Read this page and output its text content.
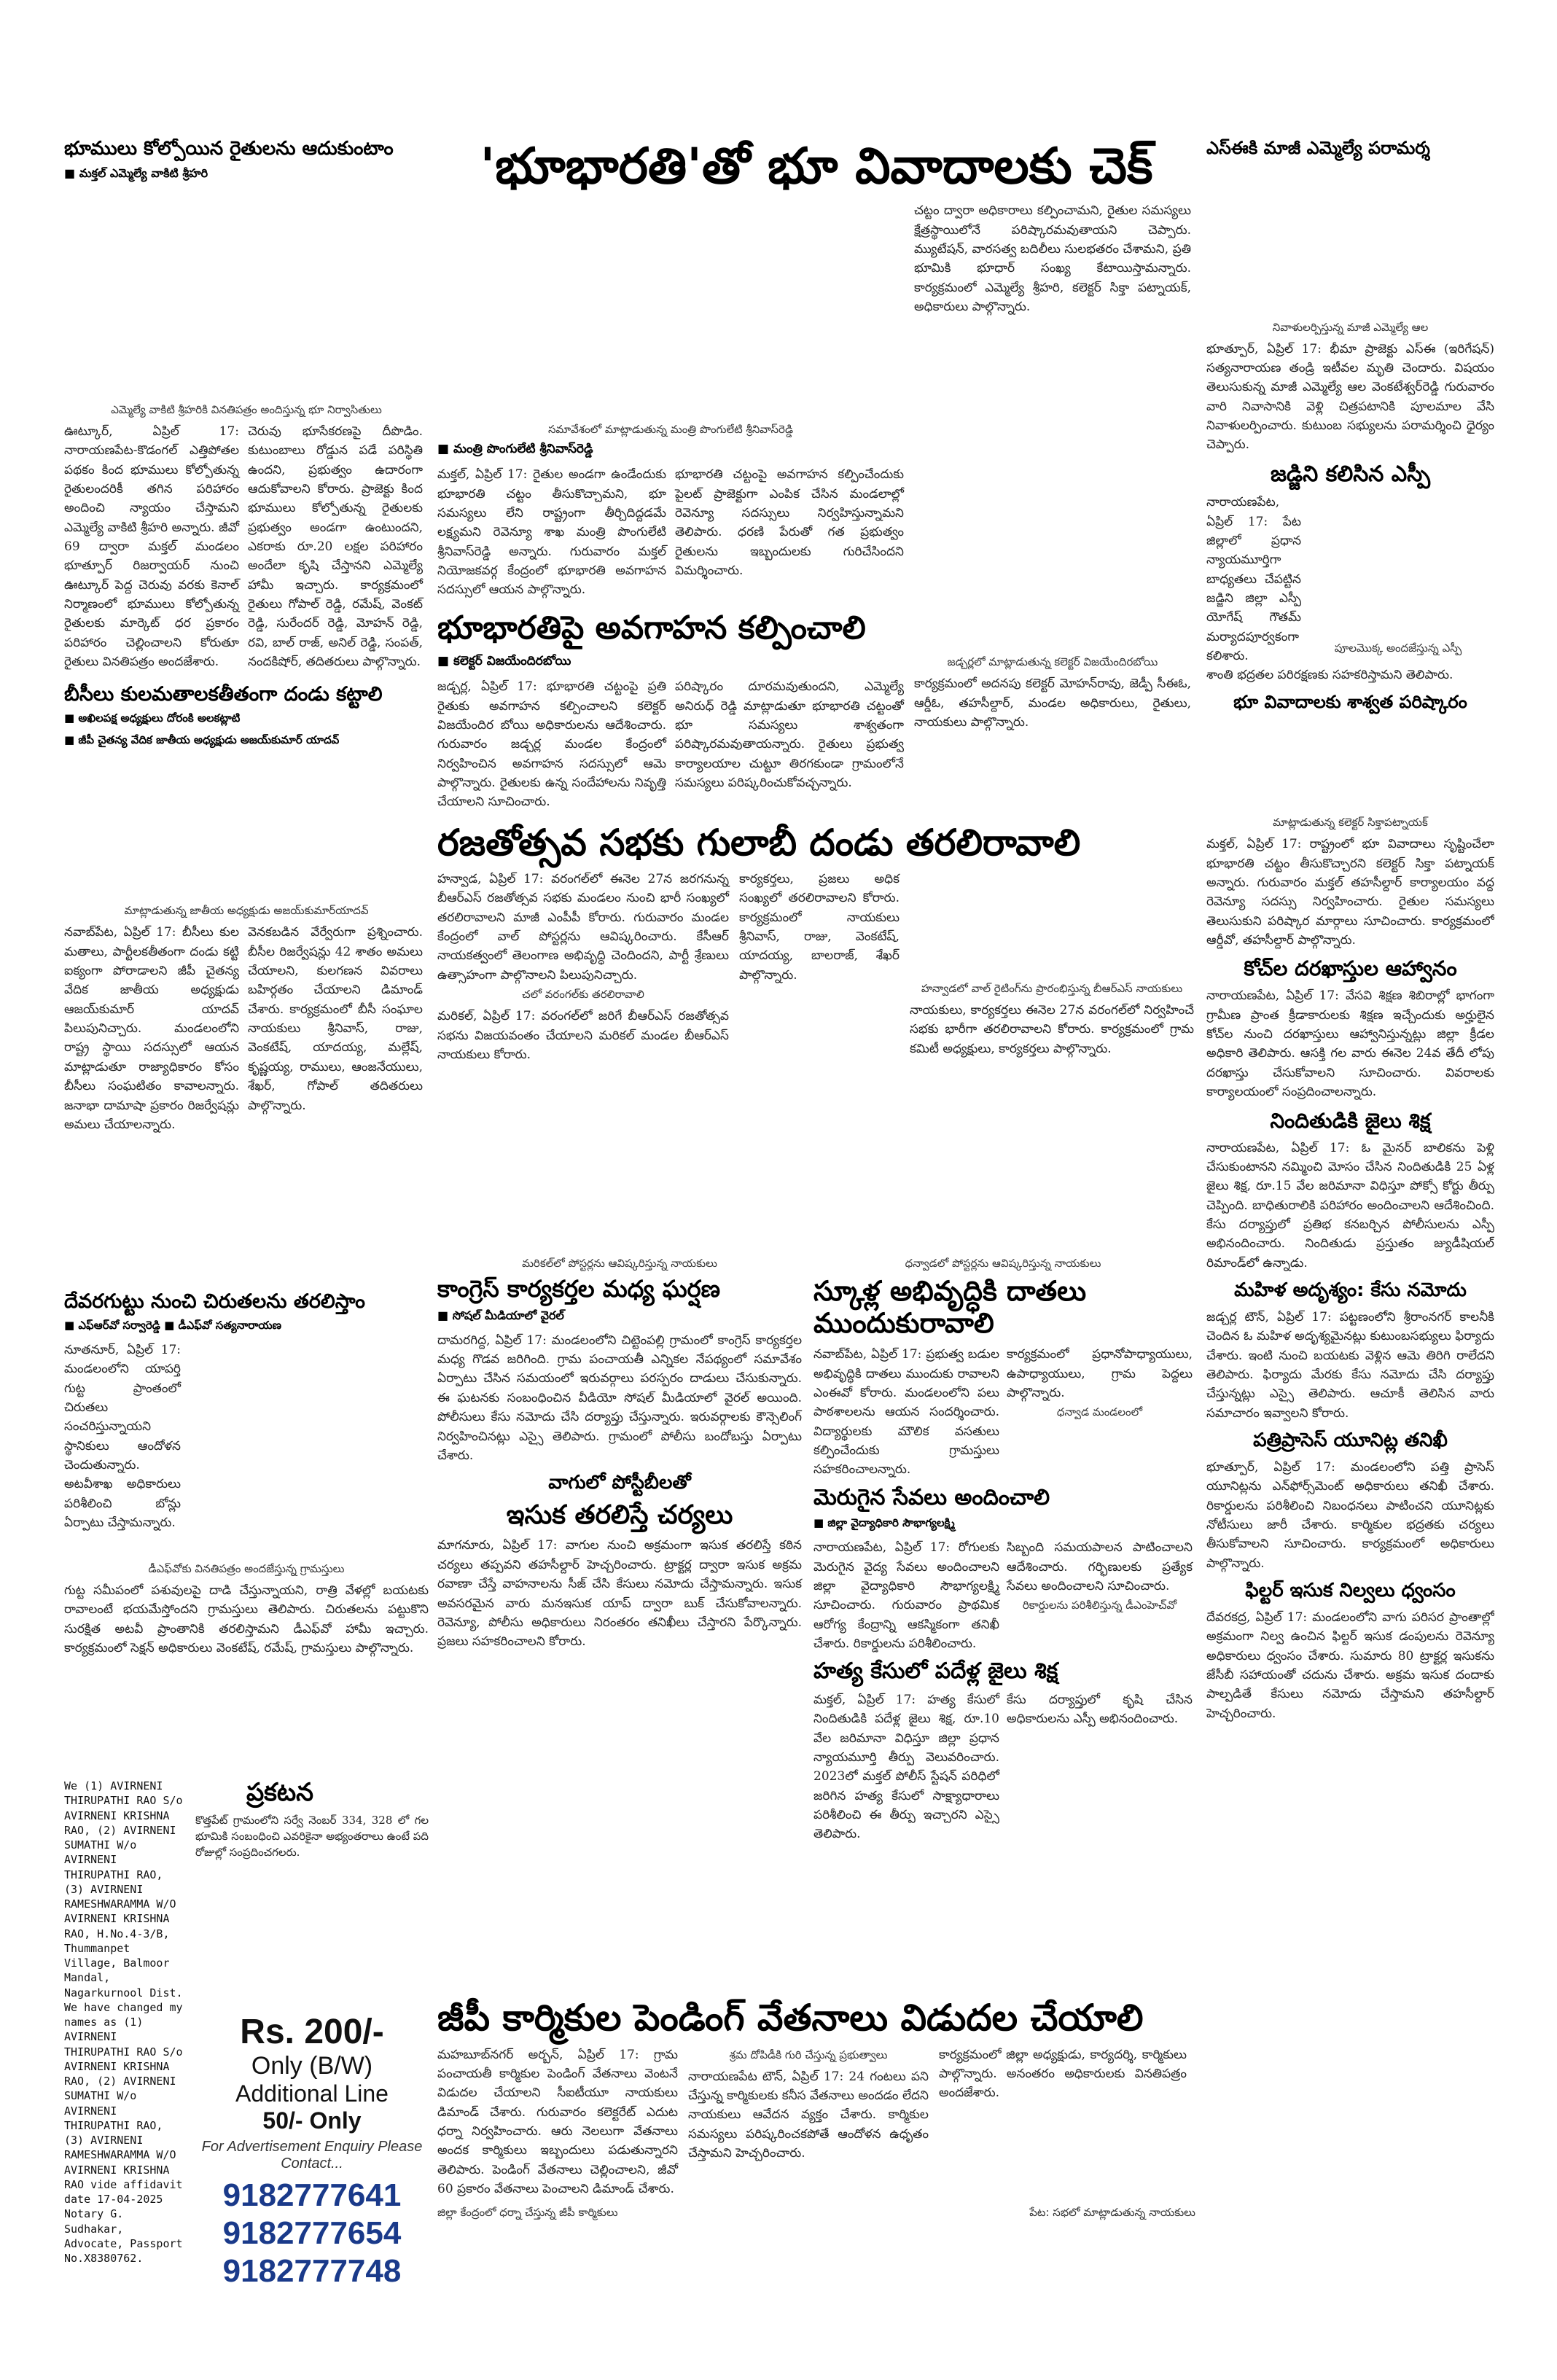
భూములు కోల్పోయిన రైతులను ఆదుకుంటాం
■ మక్తల్ ఎమ్మెల్యే వాకిటి శ్రీహరి
ఎమ్మెల్యే వాకిటి శ్రీహరికి వినతిపత్రం అందిస్తున్న భూ నిర్వాసితులు

ఊట్కూర్, ఏప్రిల్ 17: నారాయణపేట-కొడంగల్ ఎత్తిపోతల పథకం కింద భూములు కోల్పోతున్న రైతులందరికీ తగిన పరిహారం అందించి న్యాయం చేస్తామని ఎమ్మెల్యే వాకిటి శ్రీహరి అన్నారు. జీవో 69 ద్వారా మక్తల్ మండలం భూత్పూర్ రిజర్వాయర్ నుంచి ఊట్కూర్ పెద్ద చెరువు వరకు కెనాల్ నిర్మాణంలో భూములు కోల్పోతున్న రైతులకు మార్కెట్ ధర ప్రకారం పరిహారం చెల్లించాలని కోరుతూ రైతులు వినతిపత్రం అందజేశారు.

చెరువు భూసేకరణపై దీపొడిం. కుటుంబాలు రోడ్డున పడే పరిస్థితి ఉందని, ప్రభుత్వం ఉదారంగా ఆదుకోవాలని కోరారు. ప్రాజెక్టు కింద భూములు కోల్పోతున్న రైతులకు ప్రభుత్వం అండగా ఉంటుందని, ఎకరాకు రూ.20 లక్షల పరిహారం అందేలా కృషి చేస్తానని ఎమ్మెల్యే హామీ ఇచ్చారు. కార్యక్రమంలో రైతులు గోపాల్ రెడ్డి, రమేష్, వెంకట్ రెడ్డి, సురేందర్ రెడ్డి, మోహన్ రెడ్డి, రవి, బాల్ రాజ్, అనిల్ రెడ్డి, సంపత్, నందకిషోర్, తదితరులు పాల్గొన్నారు.

బీసీలు కులమతాలకతీతంగా దండు కట్టాలి
■ అఖిలపక్ష అధ్యక్షులు దోరంకి అలకట్లాటి
■ జీపీ చైతన్య వేదిక జాతీయ అధ్యక్షుడు అజయ్‌కుమార్ యాదవ్
మాట్లాడుతున్న జాతీయ అధ్యక్షుడు అజయ్‌కుమార్‌యాదవ్

నవాబ్‌పేట, ఏప్రిల్ 17: బీసీలు కుల మతాలు, పార్టీలకతీతంగా దండు కట్టి ఐక్యంగా పోరాడాలని జీపీ చైతన్య వేదిక జాతీయ అధ్యక్షుడు ఆజయ్‌కుమార్ యాదవ్ పిలుపునిచ్చారు. మండలంలోని రాష్ట్ర స్థాయి సదస్సులో ఆయన మాట్లాడుతూ రాజ్యాధికారం కోసం బీసీలు సంఘటితం కావాలన్నారు. జనాభా దామాషా ప్రకారం రిజర్వేషన్లు అమలు చేయాలన్నారు.

వెనకబడిన వేర్వేరుగా ప్రశ్నించారు. బీసీల రిజర్వేషన్లు 42 శాతం అమలు చేయాలని, కులగణన వివరాలు బహిర్గతం చేయాలని డిమాండ్ చేశారు. కార్యక్రమంలో బీసీ సంఘాల నాయకులు శ్రీనివాస్, రాజు, వెంకటేష్, యాదయ్య, మల్లేష్, కృష్ణయ్య, రాములు, ఆంజనేయులు, శేఖర్, గోపాల్ తదితరులు పాల్గొన్నారు.

దేవరగుట్టు నుంచి చిరుతలను తరలిస్తాం
■ ఎఫ్ఆర్‌వో సర్వారెడ్డి ■ డీఎఫ్‌వో సత్యనారాయణ

నూతనూర్, ఏప్రిల్ 17: మండలంలోని యాపర్తి గుట్ట ప్రాంతంలో చిరుతలు సంచరిస్తున్నాయని స్థానికులు ఆందోళన చెందుతున్నారు. అటవీశాఖ అధికారులు పరిశీలించి బోన్లు ఏర్పాటు చేస్తామన్నారు.

డీఎఫ్‌వోకు వినతిపత్రం అందజేస్తున్న గ్రామస్తులు

గుట్ట సమీపంలో పశువులపై దాడి చేస్తున్నాయని, రాత్రి వేళల్లో బయటకు రావాలంటే భయమేస్తోందని గ్రామస్తులు తెలిపారు. చిరుతలను పట్టుకొని సురక్షిత అటవీ ప్రాంతానికి తరలిస్తామని డీఎఫ్‌వో హామీ ఇచ్చారు. కార్యక్రమంలో సెక్షన్ అధికారులు వెంకటేష్, రమేష్, గ్రామస్తులు పాల్గొన్నారు.

We (1) AVIRNENI THIRUPATHI RAO S/o AVIRNENI KRISHNA RAO, (2) AVIRNENI SUMATHI W/o AVIRNENI THIRUPATHI RAO, (3) AVIRNENI RAMESHWARAMMA W/O AVIRNENI KRISHNA RAO, H.No.4-3/B, Thummanpet Village, Balmoor Mandal, Nagarkurnool Dist. We have changed my names as (1) AVIRNENI THIRUPATHI RAO S/o AVIRNENI KRISHNA RAO, (2) AVIRNENI SUMATHI W/o AVIRNENI THIRUPATHI RAO, (3) AVIRNENI RAMESHWARAMMA W/O AVIRNENI KRISHNA RAO vide affidavit date 17-04-2025 Notary G. Sudhakar, Advocate, Passport No.X8380762.
ప్రకటన
కొత్తపేట్ గ్రామంలోని సర్వే నెంబర్ 334, 328 లో గల భూమికి సంబంధించి ఎవరికైనా అభ్యంతరాలు ఉంటే పది రోజుల్లో సంప్రదించగలరు.
Rs. 200/-
Only (B/W)
Additional Line
50/- Only
For Advertisement Enquiry Please Contact...
9182777641
9182777654
9182777748
'భూభారతి'తో భూ వివాదాలకు చెక్
సమావేశంలో మాట్లాడుతున్న మంత్రి పొంగులేటి శ్రీనివాస్‌రెడ్డి
■ మంత్రి పొంగులేటి శ్రీనివాస్‌రెడ్డి

మక్తల్, ఏప్రిల్ 17: రైతుల అండగా ఉండేందుకు భూభారతి చట్టం తీసుకొచ్చామని, భూ సమస్యలు లేని రాష్ట్రంగా తీర్చిదిద్దడమే లక్ష్యమని రెవెన్యూ శాఖ మంత్రి పొంగులేటి శ్రీనివాస్‌రెడ్డి అన్నారు. గురువారం మక్తల్ నియోజకవర్గ కేంద్రంలో భూభారతి అవగాహన సదస్సులో ఆయన పాల్గొన్నారు.

భూభారతి చట్టంపై అవగాహన కల్పించేందుకు పైలట్ ప్రాజెక్టుగా ఎంపిక చేసిన మండలాల్లో రెవెన్యూ సదస్సులు నిర్వహిస్తున్నామని తెలిపారు. ధరణి పేరుతో గత ప్రభుత్వం రైతులను ఇబ్బందులకు గురిచేసిందని విమర్శించారు.

చట్టం ద్వారా అధికారాలు కల్పించామని, రైతుల సమస్యలు క్షేత్రస్థాయిలోనే పరిష్కారమవుతాయని చెప్పారు. మ్యుటేషన్, వారసత్వ బదిలీలు సులభతరం చేశామని, ప్రతి భూమికి భూధార్ సంఖ్య కేటాయిస్తామన్నారు. కార్యక్రమంలో ఎమ్మెల్యే శ్రీహరి, కలెక్టర్ సిక్తా పట్నాయక్, అధికారులు పాల్గొన్నారు.

భూభారతిపై అవగాహన కల్పించాలి
■ కలెక్టర్ విజయేందిరబోయి

జడ్చర్ల, ఏప్రిల్ 17: భూభారతి చట్టంపై ప్రతి రైతుకు అవగాహన కల్పించాలని కలెక్టర్ విజయేందిర బోయి అధికారులను ఆదేశించారు. గురువారం జడ్చర్ల మండల కేంద్రంలో నిర్వహించిన అవగాహన సదస్సులో ఆమె పాల్గొన్నారు. రైతులకు ఉన్న సందేహాలను నివృత్తి చేయాలని సూచించారు.

పరిష్కారం దూరమవుతుందని, ఎమ్మెల్యే అనిరుధ్ రెడ్డి మాట్లాడుతూ భూభారతి చట్టంతో భూ సమస్యలు శాశ్వతంగా పరిష్కారమవుతాయన్నారు. రైతులు ప్రభుత్వ కార్యాలయాల చుట్టూ తిరగకుండా గ్రామంలోనే సమస్యలు పరిష్కరించుకోవచ్చన్నారు.

జడ్చర్లలో మాట్లాడుతున్న కలెక్టర్ విజయేందిరబోయి

కార్యక్రమంలో అదనపు కలెక్టర్ మోహన్‌రావు, జెడ్పీ సీఈఓ, ఆర్డీఓ, తహసీల్దార్, మండల అధికారులు, రైతులు, నాయకులు పాల్గొన్నారు.

రజతోత్సవ సభకు గులాబీ దండు తరలిరావాలి

హన్వాడ, ఏప్రిల్ 17: వరంగల్‌లో ఈనెల 27న జరగనున్న బీఆర్ఎస్ రజతోత్సవ సభకు మండలం నుంచి భారీ సంఖ్యలో తరలిరావాలని మాజీ ఎంపీపీ కోరారు. గురువారం మండల కేంద్రంలో వాల్ పోస్టర్లను ఆవిష్కరించారు. కేసీఆర్ నాయకత్వంలో తెలంగాణ అభివృద్ధి చెందిందని, పార్టీ శ్రేణులు ఉత్సాహంగా పాల్గొనాలని పిలుపునిచ్చారు.

చలో వరంగల్‌కు తరలిరావాలి

మరికల్, ఏప్రిల్ 17: వరంగల్‌లో జరిగే బీఆర్ఎస్ రజతోత్సవ సభను విజయవంతం చేయాలని మరికల్ మండల బీఆర్ఎస్ నాయకులు కోరారు.

కార్యకర్తలు, ప్రజలు అధిక సంఖ్యలో తరలిరావాలని కోరారు. కార్యక్రమంలో నాయకులు శ్రీనివాస్, రాజు, వెంకటేష్, యాదయ్య, బాలరాజ్, శేఖర్ పాల్గొన్నారు.

హన్వాడలో వాల్ రైటింగ్‌ను ప్రారంభిస్తున్న బీఆర్ఎస్ నాయకులు

నాయకులు, కార్యకర్తలు ఈనెల 27న వరంగల్‌లో నిర్వహించే సభకు భారీగా తరలిరావాలని కోరారు. కార్యక్రమంలో గ్రామ కమిటీ అధ్యక్షులు, కార్యకర్తలు పాల్గొన్నారు.

మరికల్‌లో పోస్టర్లను ఆవిష్కరిస్తున్న నాయకులు
కాంగ్రెస్ కార్యకర్తల మధ్య ఘర్షణ
■ సోషల్ మీడియాలో వైరల్

దామరగిద్ద, ఏప్రిల్ 17: మండలంలోని చిట్టెంపల్లి గ్రామంలో కాంగ్రెస్ కార్యకర్తల మధ్య గొడవ జరిగింది. గ్రామ పంచాయతీ ఎన్నికల నేపథ్యంలో సమావేశం ఏర్పాటు చేసిన సమయంలో ఇరువర్గాలు పరస్పరం దాడులు చేసుకున్నారు. ఈ ఘటనకు సంబంధించిన వీడియో సోషల్ మీడియాలో వైరల్ అయింది. పోలీసులు కేసు నమోదు చేసి దర్యాప్తు చేస్తున్నారు. ఇరువర్గాలకు కౌన్సెలింగ్ నిర్వహించినట్లు ఎస్సై తెలిపారు. గ్రామంలో పోలీసు బందోబస్తు ఏర్పాటు చేశారు.

వాగులో పోస్టీబీలతో
ఇసుక తరలిస్తే చర్యలు

మాగనూరు, ఏప్రిల్ 17: వాగుల నుంచి అక్రమంగా ఇసుక తరలిస్తే కఠిన చర్యలు తప్పవని తహసీల్దార్ హెచ్చరించారు. ట్రాక్టర్ల ద్వారా ఇసుక అక్రమ రవాణా చేస్తే వాహనాలను సీజ్ చేసి కేసులు నమోదు చేస్తామన్నారు. ఇసుక అవసరమైన వారు మనఇసుక యాప్ ద్వారా బుక్ చేసుకోవాలన్నారు. రెవెన్యూ, పోలీసు అధికారులు నిరంతరం తనిఖీలు చేస్తారని పేర్కొన్నారు. ప్రజలు సహకరించాలని కోరారు.

ధన్వాడలో పోస్టర్లను ఆవిష్కరిస్తున్న నాయకులు
స్కూళ్ల అభివృద్ధికి దాతలు ముందుకురావాలి

నవాబ్‌పేట, ఏప్రిల్ 17: ప్రభుత్వ బడుల అభివృద్ధికి దాతలు ముందుకు రావాలని ఎంఈవో కోరారు. మండలంలోని పలు పాఠశాలలను ఆయన సందర్శించారు. విద్యార్థులకు మౌలిక వసతులు కల్పించేందుకు గ్రామస్తులు సహకరించాలన్నారు.

కార్యక్రమంలో ప్రధానోపాధ్యాయులు, ఉపాధ్యాయులు, గ్రామ పెద్దలు పాల్గొన్నారు.

ధన్వాడ మండలంలో
మెరుగైన సేవలు అందించాలి
■ జిల్లా వైద్యాధికారి సౌభాగ్యలక్ష్మి

నారాయణపేట, ఏప్రిల్ 17: రోగులకు మెరుగైన వైద్య సేవలు అందించాలని జిల్లా వైద్యాధికారి సౌభాగ్యలక్ష్మి సూచించారు. గురువారం ప్రాథమిక ఆరోగ్య కేంద్రాన్ని ఆకస్మికంగా తనిఖీ చేశారు. రికార్డులను పరిశీలించారు.

సిబ్బంది సమయపాలన పాటించాలని ఆదేశించారు. గర్భిణులకు ప్రత్యేక సేవలు అందించాలని సూచించారు.

రికార్డులను పరిశీలిస్తున్న డీఎంహెచ్‌వో
హత్య కేసులో పదేళ్ల జైలు శిక్ష

మక్తల్, ఏప్రిల్ 17: హత్య కేసులో నిందితుడికి పదేళ్ల జైలు శిక్ష, రూ.10 వేల జరిమానా విధిస్తూ జిల్లా ప్రధాన న్యాయమూర్తి తీర్పు వెలువరించారు. 2023లో మక్తల్ పోలీస్ స్టేషన్ పరిధిలో జరిగిన హత్య కేసులో సాక్ష్యాధారాలు పరిశీలించి ఈ తీర్పు ఇచ్చారని ఎస్సై తెలిపారు.

కేసు దర్యాప్తులో కృషి చేసిన అధికారులను ఎస్పీ అభినందించారు.

జీపీ కార్మికుల పెండింగ్ వేతనాలు విడుదల చేయాలి

మహబూబ్‌నగర్ అర్బన్, ఏప్రిల్ 17: గ్రామ పంచాయతీ కార్మికుల పెండింగ్ వేతనాలు వెంటనే విడుదల చేయాలని సీఐటీయూ నాయకులు డిమాండ్ చేశారు. గురువారం కలెక్టరేట్ ఎదుట ధర్నా నిర్వహించారు. ఆరు నెలలుగా వేతనాలు అందక కార్మికులు ఇబ్బందులు పడుతున్నారని తెలిపారు. పెండింగ్ వేతనాలు చెల్లించాలని, జీవో 60 ప్రకారం వేతనాలు పెంచాలని డిమాండ్ చేశారు.

శ్రమ దోపిడీకి గురి చేస్తున్న ప్రభుత్వాలు

నారాయణపేట టౌన్, ఏప్రిల్ 17: 24 గంటలు పని చేస్తున్న కార్మికులకు కనీస వేతనాలు అందడం లేదని నాయకులు ఆవేదన వ్యక్తం చేశారు. కార్మికుల సమస్యలు పరిష్కరించకపోతే ఆందోళన ఉధృతం చేస్తామని హెచ్చరించారు.

కార్యక్రమంలో జిల్లా అధ్యక్షుడు, కార్యదర్శి, కార్మికులు పాల్గొన్నారు. అనంతరం అధికారులకు వినతిపత్రం అందజేశారు.

జిల్లా కేంద్రంలో ధర్నా చేస్తున్న జీపీ కార్మికులు	పేట: సభలో మాట్లాడుతున్న నాయకులు
ఎస్‌ఈకి మాజీ ఎమ్మెల్యే పరామర్శ
నివాళులర్పిస్తున్న మాజీ ఎమ్మెల్యే ఆల

భూత్పూర్, ఏప్రిల్ 17: భీమా ప్రాజెక్టు ఎస్ఈ (ఇరిగేషన్) సత్యనారాయణ తండ్రి ఇటీవల మృతి చెందారు. విషయం తెలుసుకున్న మాజీ ఎమ్మెల్యే ఆల వెంకటేశ్వర్‌రెడ్డి గురువారం వారి నివాసానికి వెళ్లి చిత్రపటానికి పూలమాల వేసి నివాళులర్పించారు. కుటుంబ సభ్యులను పరామర్శించి ధైర్యం చెప్పారు.

జడ్జిని కలిసిన ఎస్పీ

నారాయణపేట, ఏప్రిల్ 17: పేట జిల్లాలో ప్రధాన న్యాయమూర్తిగా బాధ్యతలు చేపట్టిన జడ్జిని జిల్లా ఎస్పీ యోగేష్ గౌతమ్ మర్యాదపూర్వకంగా కలిశారు.

పూలమొక్క అందజేస్తున్న ఎస్పీ

శాంతి భద్రతల పరిరక్షణకు సహకరిస్తామని తెలిపారు.

భూ వివాదాలకు శాశ్వత పరిష్కారం
మాట్లాడుతున్న కలెక్టర్ సిక్తాపట్నాయక్

మక్తల్, ఏప్రిల్ 17: రాష్ట్రంలో భూ వివాదాలు సృష్టించేలా భూభారతి చట్టం తీసుకొచ్చారని కలెక్టర్ సిక్తా పట్నాయక్ అన్నారు. గురువారం మక్తల్ తహసీల్దార్ కార్యాలయం వద్ద రెవెన్యూ సదస్సు నిర్వహించారు. రైతుల సమస్యలు తెలుసుకుని పరిష్కార మార్గాలు సూచించారు. కార్యక్రమంలో ఆర్డీవో, తహసీల్దార్ పాల్గొన్నారు.

కోచ్‌ల దరఖాస్తుల ఆహ్వానం

నారాయణపేట, ఏప్రిల్ 17: వేసవి శిక్షణ శిబిరాల్లో భాగంగా గ్రామీణ ప్రాంత క్రీడాకారులకు శిక్షణ ఇచ్చేందుకు అర్హులైన కోచ్‌ల నుంచి దరఖాస్తులు ఆహ్వానిస్తున్నట్లు జిల్లా క్రీడల అధికారి తెలిపారు. ఆసక్తి గల వారు ఈనెల 24వ తేదీ లోపు దరఖాస్తు చేసుకోవాలని సూచించారు. వివరాలకు కార్యాలయంలో సంప్రదించాలన్నారు.

నిందితుడికి జైలు శిక్ష

నారాయణపేట, ఏప్రిల్ 17: ఓ మైనర్ బాలికను పెళ్లి చేసుకుంటానని నమ్మించి మోసం చేసిన నిందితుడికి 25 ఏళ్ల జైలు శిక్ష, రూ.15 వేల జరిమానా విధిస్తూ పోక్సో కోర్టు తీర్పు చెప్పింది. బాధితురాలికి పరిహారం అందించాలని ఆదేశించింది. కేసు దర్యాప్తులో ప్రతిభ కనబర్చిన పోలీసులను ఎస్పీ అభినందించారు. నిందితుడు ప్రస్తుతం జ్యుడీషియల్ రిమాండ్‌లో ఉన్నాడు.

మహిళ అదృశ్యం: కేసు నమోదు

జడ్చర్ల టౌన్, ఏప్రిల్ 17: పట్టణంలోని శ్రీరాంనగర్ కాలనీకి చెందిన ఓ మహిళ అదృశ్యమైనట్లు కుటుంబసభ్యులు ఫిర్యాదు చేశారు. ఇంటి నుంచి బయటకు వెళ్లిన ఆమె తిరిగి రాలేదని తెలిపారు. ఫిర్యాదు మేరకు కేసు నమోదు చేసి దర్యాప్తు చేస్తున్నట్లు ఎస్సై తెలిపారు. ఆచూకీ తెలిసిన వారు సమాచారం ఇవ్వాలని కోరారు.

పత్రిప్రాసెస్ యూనిట్ల తనిఖీ

భూత్పూర్, ఏప్రిల్ 17: మండలంలోని పత్తి ప్రాసెస్ యూనిట్లను ఎన్‌ఫోర్స్‌మెంట్ అధికారులు తనిఖీ చేశారు. రికార్డులను పరిశీలించి నిబంధనలు పాటించని యూనిట్లకు నోటీసులు జారీ చేశారు. కార్మికుల భద్రతకు చర్యలు తీసుకోవాలని సూచించారు. కార్యక్రమంలో అధికారులు పాల్గొన్నారు.

ఫిల్టర్ ఇసుక నిల్వలు ధ్వంసం

దేవరకద్ర, ఏప్రిల్ 17: మండలంలోని వాగు పరిసర ప్రాంతాల్లో అక్రమంగా నిల్వ ఉంచిన ఫిల్టర్ ఇసుక డంపులను రెవెన్యూ అధికారులు ధ్వంసం చేశారు. సుమారు 80 ట్రాక్టర్ల ఇసుకను జేసీబీ సహాయంతో చదును చేశారు. అక్రమ ఇసుక దందాకు పాల్పడితే కేసులు నమోదు చేస్తామని తహసీల్దార్ హెచ్చరించారు.
